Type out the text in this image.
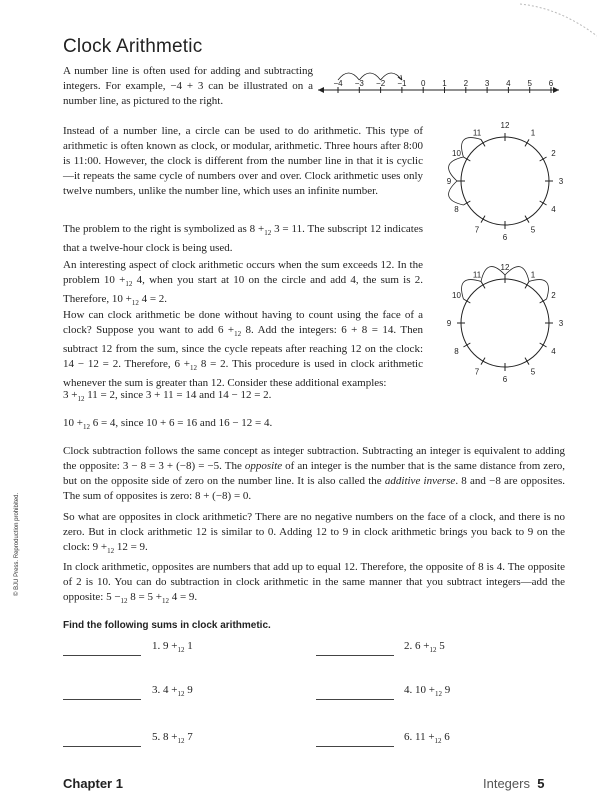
Clock Arithmetic
−4 −3 −2 −1 0 1 2 3 4 5 6

A number line is often used for adding and subtracting integers. For example, −4 + 3 can be illustrated on a number line, as pictured to the right.

Instead of a number line, a circle can be used to do arithmetic. This type of arithmetic is often known as clock, or modular, arithmetic. Three hours after 8:00 is 11:00. However, the clock is different from the number line in that it is cyclic—it repeats the same cycle of numbers over and over. Clock arithmetic uses only twelve numbers, unlike the number line, which uses an infinite number.

12
1
2
3
4
5
6
7
8
9
10
11
12
1
2
3
4
5
6
7
8
9
10
11

The problem to the right is symbolized as $8 +_{12}$ 3 = 11. The subscript 12 indicates that a twelve-hour clock is being used.

An interesting aspect of clock arithmetic occurs when the sum exceeds 12. In the problem $10 +_{12}$ 4, when you start at 10 on the circle and add 4, the sum is 2. Therefore, $10 +_{12}$ 4 = 2.

How can clock arithmetic be done without having to count using the face of a clock? Suppose you want to add $6 +_{12}$ 8. Add the integers: 6 + 8 = 14. Then subtract 12 from the sum, since the cycle repeats after reaching 12 on the clock: 14 − 12 = 2. Therefore, $6 +_{12}$ 8 = 2. This procedure is used in clock arithmetic whenever the sum is greater than 12. Consider these additional examples:

$3 +_{12}$ 11 = 2, since 3 + 11 = 14 and 14 − 12 = 2.

$10 +_{12}$ 6 = 4, since 10 + 6 = 16 and 16 − 12 = 4.

Clock subtraction follows the same concept as integer subtraction. Subtracting an integer is equivalent to adding the opposite: 3 − 8 = 3 + (−8) = −5. The opposite of an integer is the number that is the same distance from zero, but on the opposite side of zero on the number line. It is also called the additive inverse. 8 and −8 are opposites. The sum of opposites is zero: 8 + (−8) = 0.

So what are opposites in clock arithmetic? There are no negative numbers on the face of a clock, and there is no zero. But in clock arithmetic 12 is similar to 0. Adding 12 to 9 in clock arithmetic brings you back to 9 on the clock: $9 +_{12}$ 12 = 9.

In clock arithmetic, opposites are numbers that add up to equal 12. Therefore, the opposite of 8 is 4. The opposite of 2 is 10. You can do subtraction in clock arithmetic in the same manner that you subtract integers—add the opposite: $5 -_{12}$ $8 = 5 +_{12}$ 4 = 9.

Find the following sums in clock arithmetic.
1. $9 +_{12}$ 1	2. $6 +_{12}$ 5
3. $4 +_{12}$ 9	4. $10 +_{12}$ 9
5. $8 +_{12}$ 7	6. $11 +_{12}$ 6
© BJU Press. Reproduction prohibited.
Chapter 1	Integers 5
